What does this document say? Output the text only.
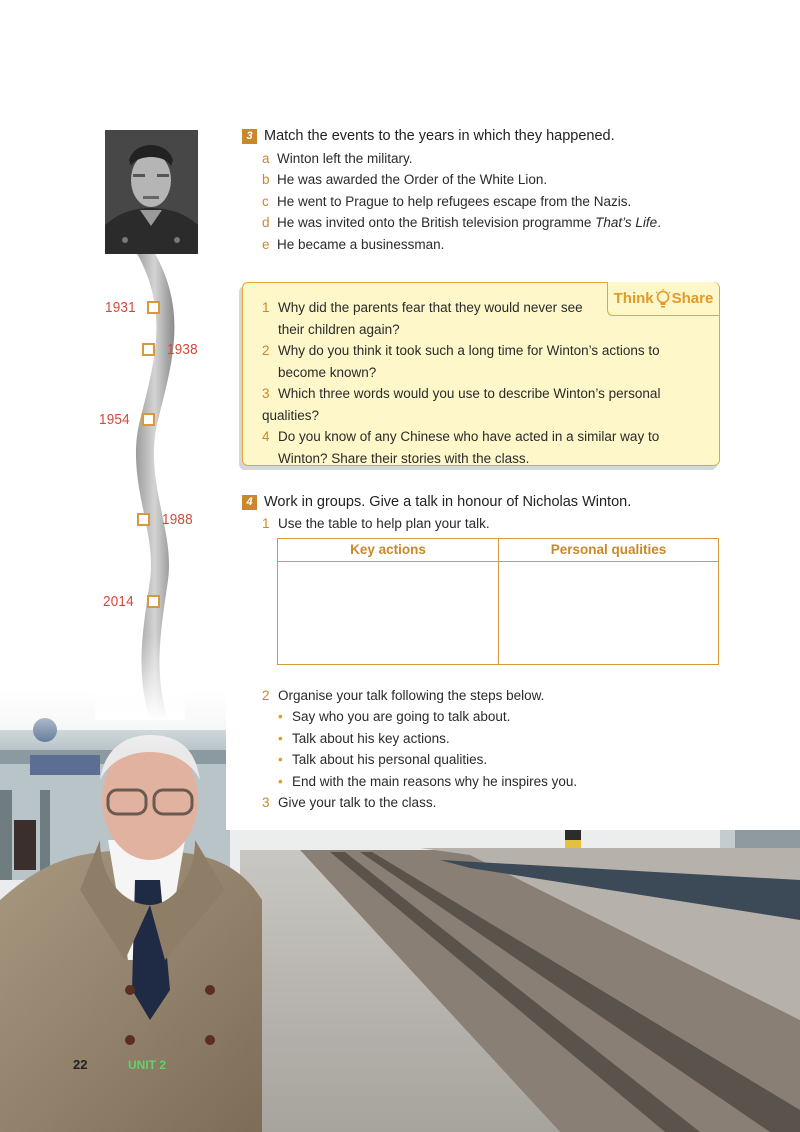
1931
1938
1954
1988
2014
3 Match the events to the years in which they happened.
a Winton left the military.
b He was awarded the Order of the White Lion.
c He went to Prague to help refugees escape from the Nazis.
d He was invited onto the British television programme That’s Life.
e He became a businessman.
Think Share
1 Why did the parents fear that they would never see
their children again?
2 Why do you think it took such a long time for Winton’s actions to
become known?
3 Which three words would you use to describe Winton’s personal qualities?
4 Do you know of any Chinese who have acted in a similar way to
Winton? Share their stories with the class.
4 Work in groups. Give a talk in honour of Nicholas Winton.
1 Use the table to help plan your talk.
Key actions	Personal qualities
2 Organise your talk following the steps below.
• Say who you are going to talk about.
• Talk about his key actions.
• Talk about his personal qualities.
• End with the main reasons why he inspires you.
3 Give your talk to the class.
22	UNIT 2
